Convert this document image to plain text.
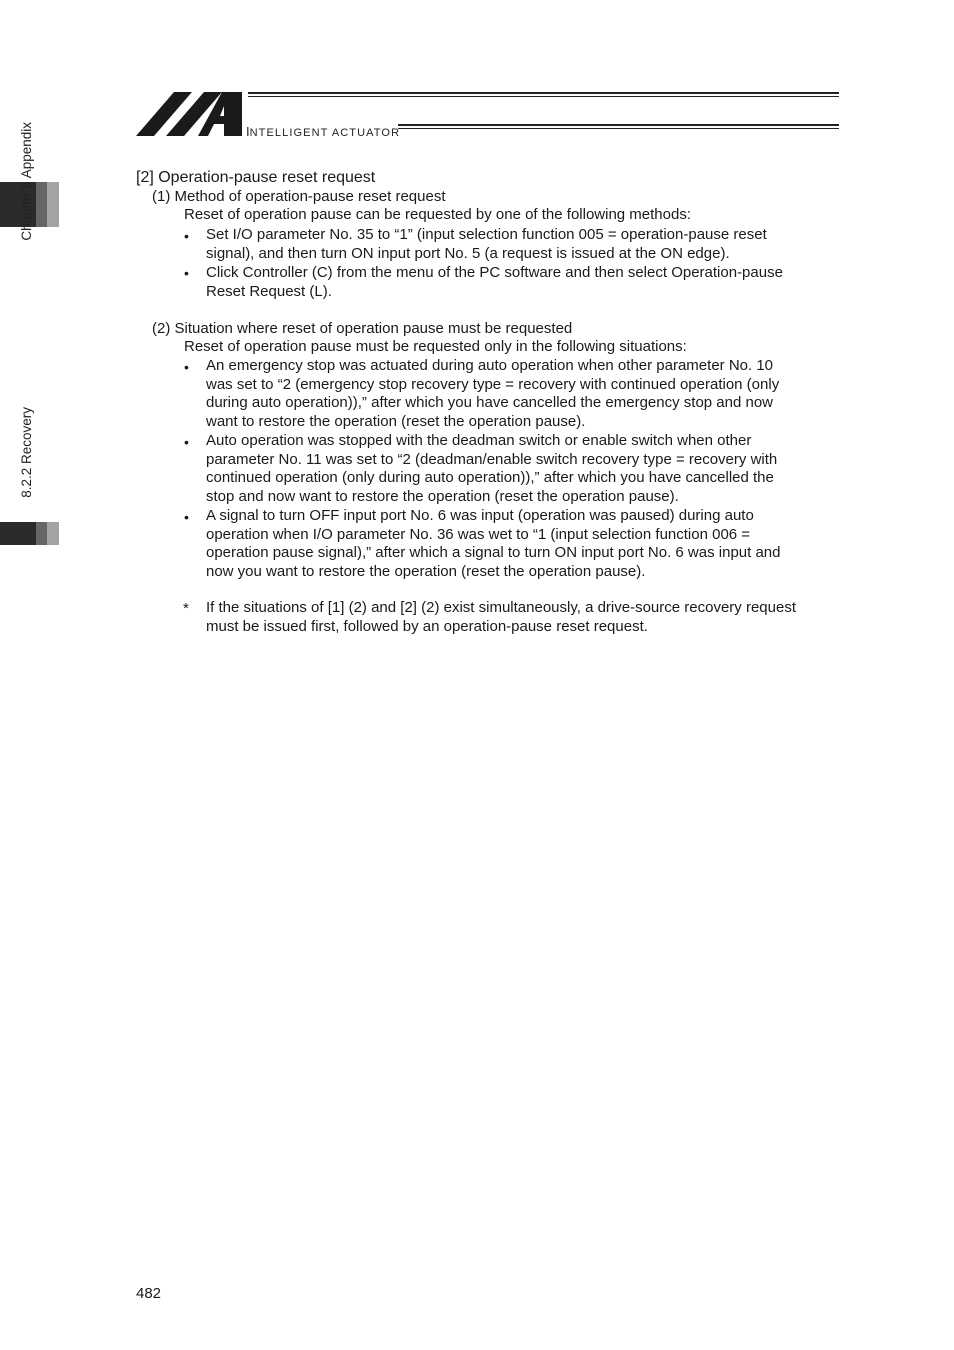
INTELLIGENT ACTUATOR
Chapter 8 Appendix
8.2.2 Recovery
[2] Operation-pause reset request
(1) Method of operation-pause reset request
Reset of operation pause can be requested by one of the following methods:
• Set I/O parameter No. 35 to “1” (input selection function 005 = operation-pause reset
signal), and then turn ON input port No. 5 (a request is issued at the ON edge).
• Click Controller (C) from the menu of the PC software and then select Operation-pause
Reset Request (L).
(2) Situation where reset of operation pause must be requested
Reset of operation pause must be requested only in the following situations:
• An emergency stop was actuated during auto operation when other parameter No. 10
was set to “2 (emergency stop recovery type = recovery with continued operation (only
during auto operation)),” after which you have cancelled the emergency stop and now
want to restore the operation (reset the operation pause).
• Auto operation was stopped with the deadman switch or enable switch when other
parameter No. 11 was set to “2 (deadman/enable switch recovery type = recovery with
continued operation (only during auto operation)),” after which you have cancelled the
stop and now want to restore the operation (reset the operation pause).
• A signal to turn OFF input port No. 6 was input (operation was paused) during auto
operation when I/O parameter No. 36 was wet to “1 (input selection function 006 =
operation pause signal),” after which a signal to turn ON input port No. 6 was input and
now you want to restore the operation (reset the operation pause).
* If the situations of [1] (2) and [2] (2) exist simultaneously, a drive-source recovery request
must be issued first, followed by an operation-pause reset request.
482
